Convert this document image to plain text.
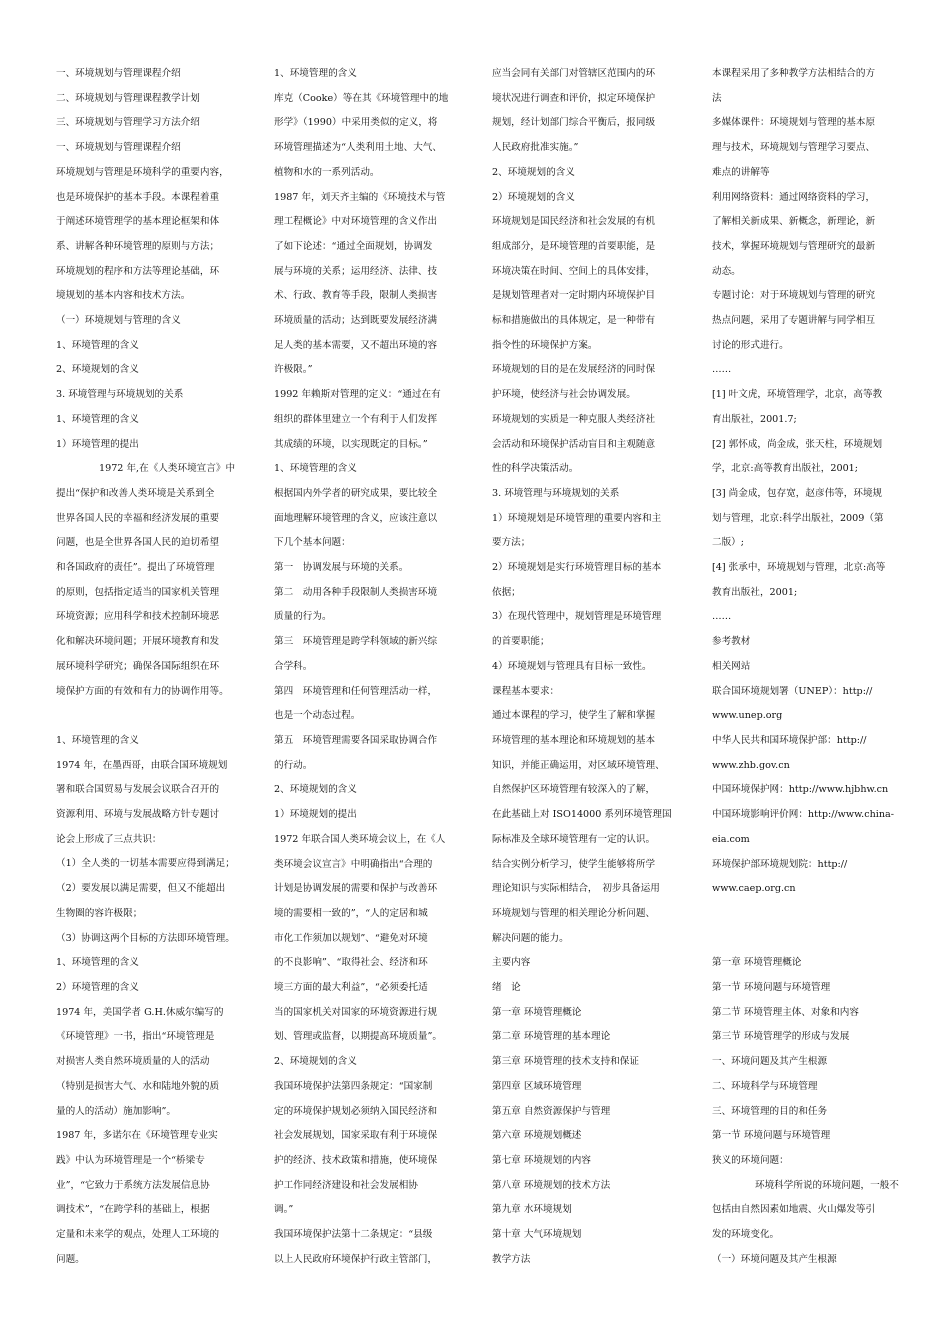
一、环境规划与管理课程介绍

二、环境规划与管理课程教学计划

三、环境规划与管理学习方法介绍

一、环境规划与管理课程介绍

环境规划与管理是环境科学的重要内容，

也是环境保护的基本手段。本课程着重

于阐述环境管理学的基本理论框架和体

系、讲解各种环境管理的原则与方法；

环境规划的程序和方法等理论基础，环

境规划的基本内容和技术方法。

（一）环境规划与管理的含义

1、环境管理的含义

2、环境规划的含义

3. 环境管理与环境规划的关系

1、环境管理的含义

1）环境管理的提出

1972 年,在《人类环境宣言》中

提出“保护和改善人类环境是关系到全

世界各国人民的幸福和经济发展的重要

问题，也是全世界各国人民的迫切希望

和各国政府的责任”。提出了环境管理

的原则，包括指定适当的国家机关管理

环境资源；应用科学和技术控制环境恶

化和解决环境问题；开展环境教育和发

展环境科学研究；确保各国际组织在环

境保护方面的有效和有力的协调作用等。

1、环境管理的含义

1974 年，在墨西哥，由联合国环境规划

署和联合国贸易与发展会议联合召开的

资源利用、环境与发展战略方针专题讨

论会上形成了三点共识：

（1）全人类的一切基本需要应得到满足；

（2）要发展以满足需要，但又不能超出

生物圈的容许极限；

（3）协调这两个目标的方法即环境管理。

1、环境管理的含义

2）环境管理的含义

1974 年，美国学者 G.H.休威尔编写的

《环境管理》一书，指出“环境管理是

对损害人类自然环境质量的人的活动

（特别是损害大气、水和陆地外貌的质

量的人的活动）施加影响”。

1987 年，多诺尔在《环境管理专业实

践》中认为环境管理是一个“桥梁专

业”，“它致力于系统方法发展信息协

调技术”，“在跨学科的基础上，根据

定量和未来学的观点，处理人工环境的

问题。

1、环境管理的含义

库克（Cooke）等在其《环境管理中的地

形学》（1990）中采用类似的定义，将

环境管理描述为“人类利用土地、大气、

植物和水的一系列活动。

1987 年，刘天齐主编的《环境技术与管

理工程概论》中对环境管理的含义作出

了如下论述：“通过全面规划，协调发

展与环境的关系；运用经济、法律、技

术、行政、教育等手段，限制人类损害

环境质量的活动；达到既要发展经济满

足人类的基本需要，又不超出环境的容

许极限。”

1992 年赖斯对管理的定义：“通过在有

组织的群体里建立一个有利于人们发挥

其成绩的环境，以实现既定的目标。”

1、环境管理的含义

根据国内外学者的研究成果，要比较全

面地理解环境管理的含义，应该注意以

下几个基本问题：

第一　协调发展与环境的关系。

第二　动用各种手段限制人类损害环境

质量的行为。

第三　环境管理是跨学科领域的新兴综

合学科。

第四　环境管理和任何管理活动一样，

也是一个动态过程。

第五　环境管理需要各国采取协调合作

的行动。

2、环境规划的含义

1）环境规划的提出

1972 年联合国人类环境会议上，在《人

类环境会议宣言》中明确指出“合理的

计划是协调发展的需要和保护与改善环

境的需要相一致的”，“人的定居和城

市化工作须加以规划”、“避免对环境

的不良影响”、“取得社会、经济和环

境三方面的最大利益”，“必须委托适

当的国家机关对国家的环境资源进行规

划、管理或监督，以期提高环境质量”。

2、环境规划的含义

我国环境保护法第四条规定：“国家制

定的环境保护规划必须纳入国民经济和

社会发展规划，国家采取有利于环境保

护的经济、技术政策和措施，使环境保

护工作同经济建设和社会发展相协

调。”

我国环境保护法第十二条规定：“县级

以上人民政府环境保护行政主管部门，

应当会同有关部门对管辖区范围内的环

境状况进行调查和评价，拟定环境保护

规划，经计划部门综合平衡后，报同级

人民政府批准实施。”

2、环境规划的含义

2）环境规划的含义

环境规划是国民经济和社会发展的有机

组成部分，是环境管理的首要职能，是

环境决策在时间、空间上的具体安排，

是规划管理者对一定时期内环境保护目

标和措施做出的具体规定，是一种带有

指令性的环境保护方案。

环境规划的目的是在发展经济的同时保

护环境，使经济与社会协调发展。

环境规划的实质是一种克服人类经济社

会活动和环境保护活动盲目和主观随意

性的科学决策活动。

3. 环境管理与环境规划的关系

1）环境规划是环境管理的重要内容和主

要方法；

2）环境规划是实行环境管理目标的基本

依据；

3）在现代管理中，规划管理是环境管理

的首要职能；

4）环境规划与管理具有目标一致性。

课程基本要求：

通过本课程的学习，使学生了解和掌握

环境管理的基本理论和环境规划的基本

知识，并能正确运用，对区域环境管理、

自然保护区环境管理有较深入的了解，

在此基础上对 ISO14000 系列环境管理国

际标准及全球环境管理有一定的认识。

结合实例分析学习，使学生能够将所学

理论知识与实际相结合，　初步具备运用

环境规划与管理的相关理论分析问题、

解决问题的能力。

主要内容

绪　论

第一章 环境管理概论

第二章 环境管理的基本理论

第三章 环境管理的技术支持和保证

第四章 区域环境管理

第五章 自然资源保护与管理

第六章 环境规划概述

第七章 环境规划的内容

第八章 环境规划的技术方法

第九章 水环境规划

第十章 大气环境规划

教学方法

本课程采用了多种教学方法相结合的方

法

多媒体课件：环境规划与管理的基本原

理与技术，环境规划与管理学习要点、

难点的讲解等

利用网络资料：通过网络资料的学习，

了解相关新成果、新概念，新理论，新

技术，掌握环境规划与管理研究的最新

动态。

专题讨论：对于环境规划与管理的研究

热点问题，采用了专题讲解与同学相互

讨论的形式进行。

……

[1] 叶文虎，环境管理学，北京，高等教

育出版社，2001.7;

[2] 郭怀成，尚金成，张天柱，环境规划

学，北京:高等教育出版社，2001;

[3] 尚金成，包存宽，赵彦伟等，环境规

划与管理，北京:科学出版社，2009（第

二版）;

[4] 张承中，环境规划与管理，北京:高等

教育出版社，2001;

……

参考教材

相关网站

联合国环境规划署（UNEP）：http://

www.unep.org

中华人民共和国环境保护部：http://

www.zhb.gov.cn

中国环境保护网：http://www.hjbhw.cn

中国环境影响评价网：http://www.china-

eia.com

环境保护部环境规划院：http://

www.caep.org.cn

第一章 环境管理概论

第一节 环境问题与环境管理

第二节 环境管理主体、对象和内容

第三节 环境管理学的形成与发展

一、环境问题及其产生根源

二、环境科学与环境管理

三、环境管理的目的和任务

第一节 环境问题与环境管理

狭义的环境问题：

环境科学所说的环境问题，一般不

包括由自然因素如地震、火山爆发等引

发的环境变化。

（一）环境问题及其产生根源
